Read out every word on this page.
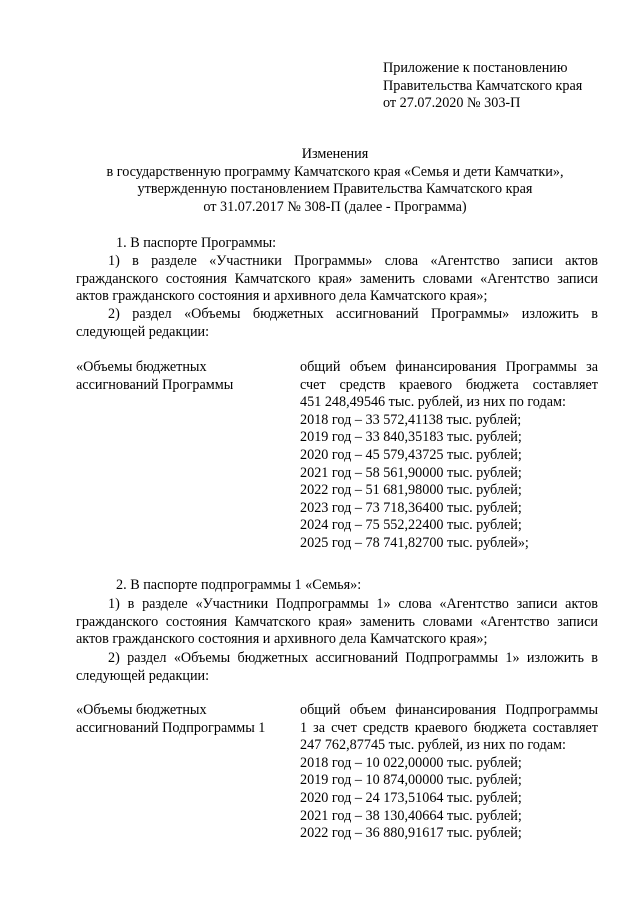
Приложение к постановлению
Правительства Камчатского края
от 27.07.2020 № 303-П
Изменения
в государственную программу Камчатского края «Семья и дети Камчатки»,
утвержденную постановлением Правительства Камчатского края
от 31.07.2017 № 308-П (далее - Программа)
1. В паспорте Программы:
1) в разделе «Участники Программы» слова «Агентство записи актов гражданского состояния Камчатского края» заменить словами «Агентство записи актов гражданского состояния и архивного дела Камчатского края»;
2) раздел «Объемы бюджетных ассигнований Программы» изложить в следующей редакции:
«Объемы бюджетных
ассигнований Программы
общий объем финансирования Программы за
счет средств краевого бюджета составляет
451 248,49546 тыс. рублей, из них по годам:
2018 год – 33 572,41138 тыс. рублей;
2019 год – 33 840,35183 тыс. рублей;
2020 год – 45 579,43725 тыс. рублей;
2021 год – 58 561,90000 тыс. рублей;
2022 год – 51 681,98000 тыс. рублей;
2023 год – 73 718,36400 тыс. рублей;
2024 год – 75 552,22400 тыс. рублей;
2025 год – 78 741,82700 тыс. рублей»;
2. В паспорте подпрограммы 1 «Семья»:
1) в разделе «Участники Подпрограммы 1» слова «Агентство записи актов гражданского состояния Камчатского края» заменить словами «Агентство записи актов гражданского состояния и архивного дела Камчатского края»;
2) раздел «Объемы бюджетных ассигнований Подпрограммы 1» изложить в следующей редакции:
«Объемы бюджетных
ассигнований Подпрограммы 1
общий объем финансирования Подпрограммы
1 за счет средств краевого бюджета составляет
247 762,87745 тыс. рублей, из них по годам:
2018 год – 10 022,00000 тыс. рублей;
2019 год – 10 874,00000 тыс. рублей;
2020 год – 24 173,51064 тыс. рублей;
2021 год – 38 130,40664 тыс. рублей;
2022 год – 36 880,91617 тыс. рублей;
